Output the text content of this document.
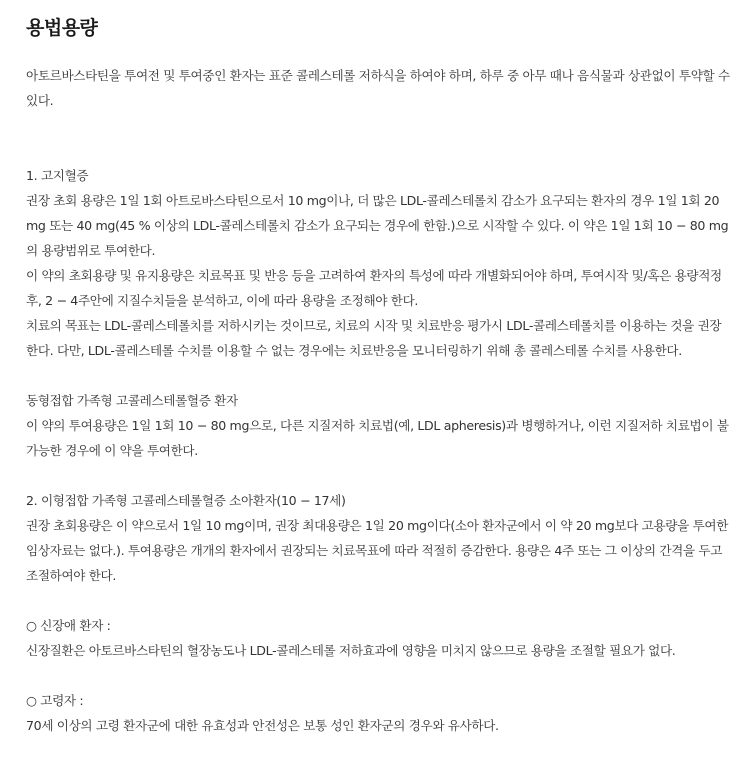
용법용량

아토르바스타틴을 투여전 및 투여중인 환자는 표준 콜레스테롤 저하식을 하여야 하며, 하루 중 아무 때나 음식물과 상관없이 투약할 수 있다.

1. 고지혈증

권장 초회 용량은 1일 1회 아트로바스타틴으로서 10 mg이나, 더 많은 LDL-콜레스테롤치 감소가 요구되는 환자의 경우 1일 1회 20 mg 또는 40 mg(45 % 이상의 LDL-콜레스테롤치 감소가 요구되는 경우에 한함.)으로 시작할 수 있다. 이 약은 1일 1회 10 − 80 mg의 용량범위로 투여한다.

이 약의 초회용량 및 유지용량은 치료목표 및 반응 등을 고려하여 환자의 특성에 따라 개별화되어야 하며, 투여시작 및/혹은 용량적정 후, 2 − 4주안에 지질수치들을 분석하고, 이에 따라 용량을 조정해야 한다.

치료의 목표는 LDL-콜레스테롤치를 저하시키는 것이므로, 치료의 시작 및 치료반응 평가시 LDL-콜레스테롤치를 이용하는 것을 권장한다. 다만, LDL-콜레스테롤 수치를 이용할 수 없는 경우에는 치료반응을 모니터링하기 위해 총 콜레스테롤 수치를 사용한다.

동형접합 가족형 고콜레스테롤혈증 환자

이 약의 투여용량은 1일 1회 10 − 80 mg으로, 다른 지질저하 치료법(예, LDL apheresis)과 병행하거나, 이런 지질저하 치료법이 불가능한 경우에 이 약을 투여한다.

2. 이형접합 가족형 고콜레스테롤혈증 소아환자(10 − 17세)

권장 초회용량은 이 약으로서 1일 10 mg이며, 권장 최대용량은 1일 20 mg이다(소아 환자군에서 이 약 20 mg보다 고용량을 투여한 임상자료는 없다.). 투여용량은 개개의 환자에서 권장되는 치료목표에 따라 적절히 증감한다. 용량은 4주 또는 그 이상의 간격을 두고 조절하여야 한다.

○ 신장애 환자 :

신장질환은 아토르바스타틴의 혈장농도나 LDL-콜레스테롤 저하효과에 영향을 미치지 않으므로 용량을 조절할 필요가 없다.

○ 고령자 :

70세 이상의 고령 환자군에 대한 유효성과 안전성은 보통 성인 환자군의 경우와 유사하다.
